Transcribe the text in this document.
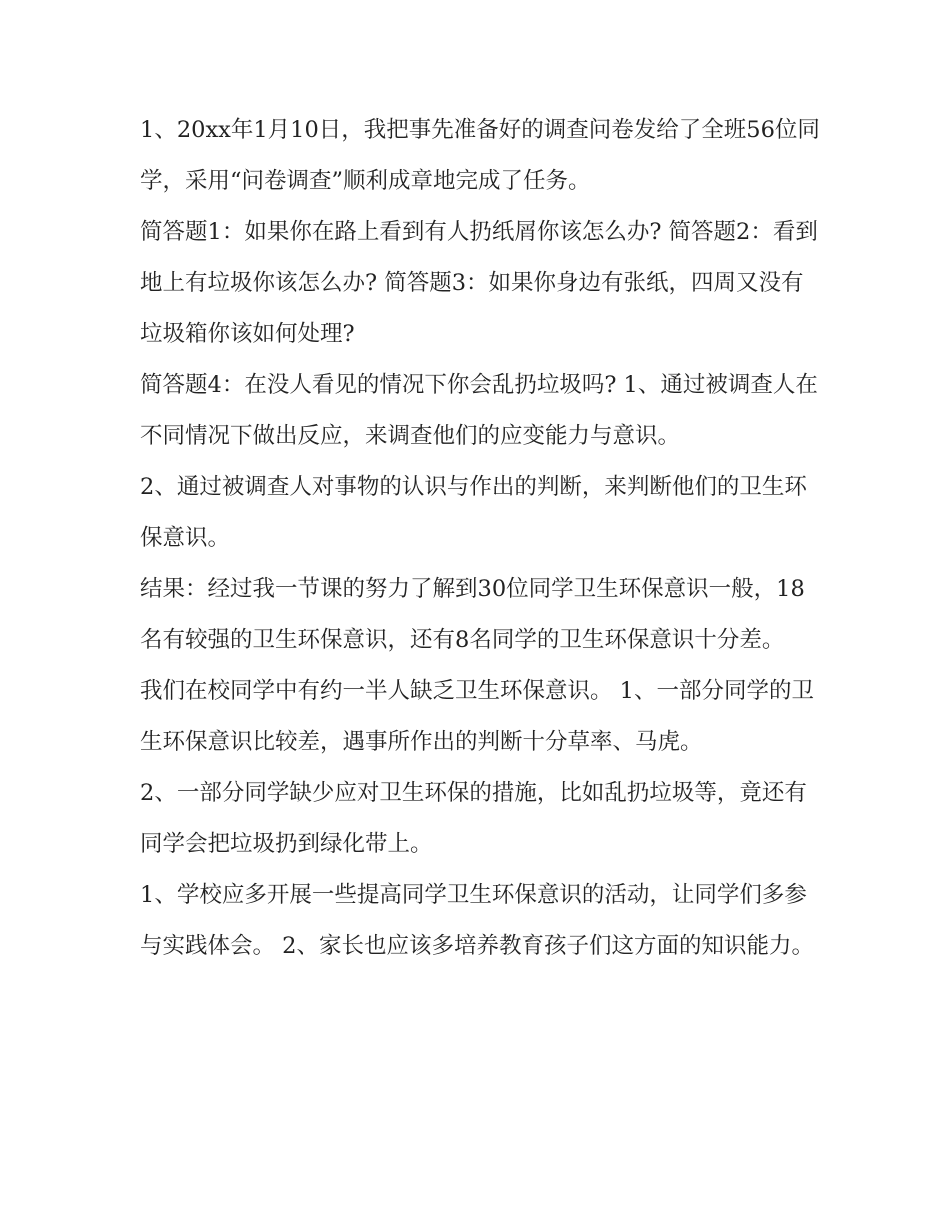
1、20xx年1月10日，我把事先准备好的调查问卷发给了全班56位同学，采用“问卷调查”顺利成章地完成了任务。

简答题1：如果你在路上看到有人扔纸屑你该怎么办? 简答题2：看到地上有垃圾你该怎么办? 简答题3：如果你身边有张纸，四周又没有垃圾箱你该如何处理?

简答题4：在没人看见的情况下你会乱扔垃圾吗? 1、通过被调查人在不同情况下做出反应，来调查他们的应变能力与意识。

2、通过被调查人对事物的认识与作出的判断，来判断他们的卫生环保意识。

结果：经过我一节课的努力了解到30位同学卫生环保意识一般，18名有较强的卫生环保意识，还有8名同学的卫生环保意识十分差。

我们在校同学中有约一半人缺乏卫生环保意识。 1、一部分同学的卫生环保意识比较差，遇事所作出的判断十分草率、马虎。

2、一部分同学缺少应对卫生环保的措施，比如乱扔垃圾等，竟还有同学会把垃圾扔到绿化带上。

1、学校应多开展一些提高同学卫生环保意识的活动，让同学们多参与实践体会。 2、家长也应该多培养教育孩子们这方面的知识能力。
